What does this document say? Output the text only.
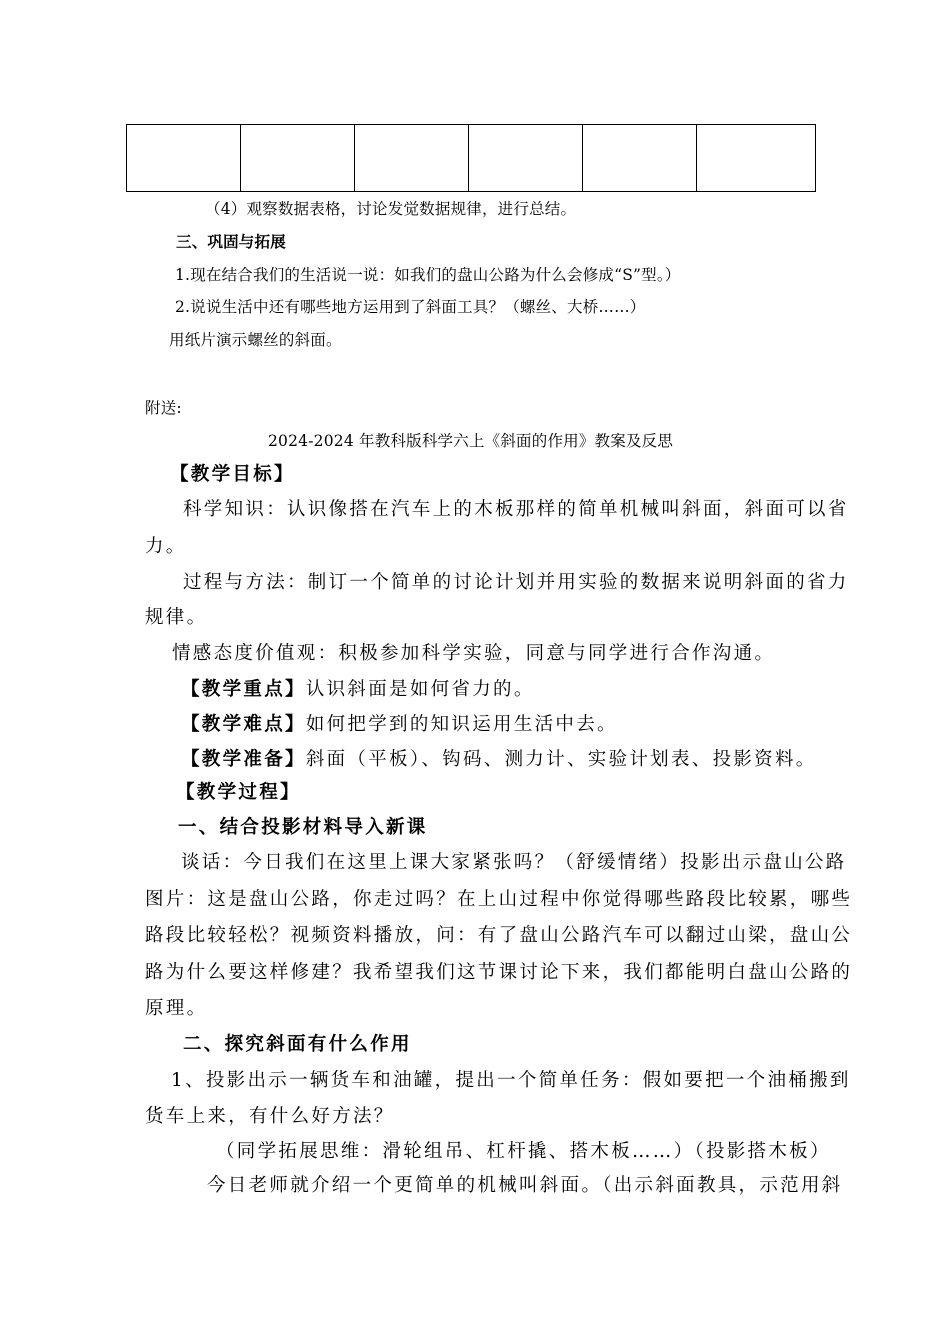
（4）观察数据表格，讨论发觉数据规律，进行总结。
三、巩固与拓展
1.现在结合我们的生活说一说：如我们的盘山公路为什么会修成“S”型。）
2.说说生活中还有哪些地方运用到了斜面工具？（螺丝、大桥……）
用纸片演示螺丝的斜面。
附送:
2024-2024 年教科版科学六上《斜面的作用》教案及反思
【教学目标】
科学知识：认识像搭在汽车上的木板那样的简单机械叫斜面，斜面可以省
力。
过程与方法：制订一个简单的讨论计划并用实验的数据来说明斜面的省力
规律。
情感态度价值观：积极参加科学实验，同意与同学进行合作沟通。
【教学重点】认识斜面是如何省力的。
【教学难点】如何把学到的知识运用生活中去。
【教学准备】斜面（平板）、钩码、测力计、实验计划表、投影资料。
【教学过程】
一、结合投影材料导入新课
谈话：今日我们在这里上课大家紧张吗？（舒缓情绪）投影出示盘山公路
图片：这是盘山公路，你走过吗？在上山过程中你觉得哪些路段比较累，哪些
路段比较轻松？视频资料播放，问：有了盘山公路汽车可以翻过山梁，盘山公
路为什么要这样修建？我希望我们这节课讨论下来，我们都能明白盘山公路的
原理。
二、探究斜面有什么作用
1、投影出示一辆货车和油罐，提出一个简单任务：假如要把一个油桶搬到
货车上来，有什么好方法？
（同学拓展思维：滑轮组吊、杠杆撬、搭木板……）（投影搭木板）
今日老师就介绍一个更简单的机械叫斜面。（出示斜面教具，示范用斜
